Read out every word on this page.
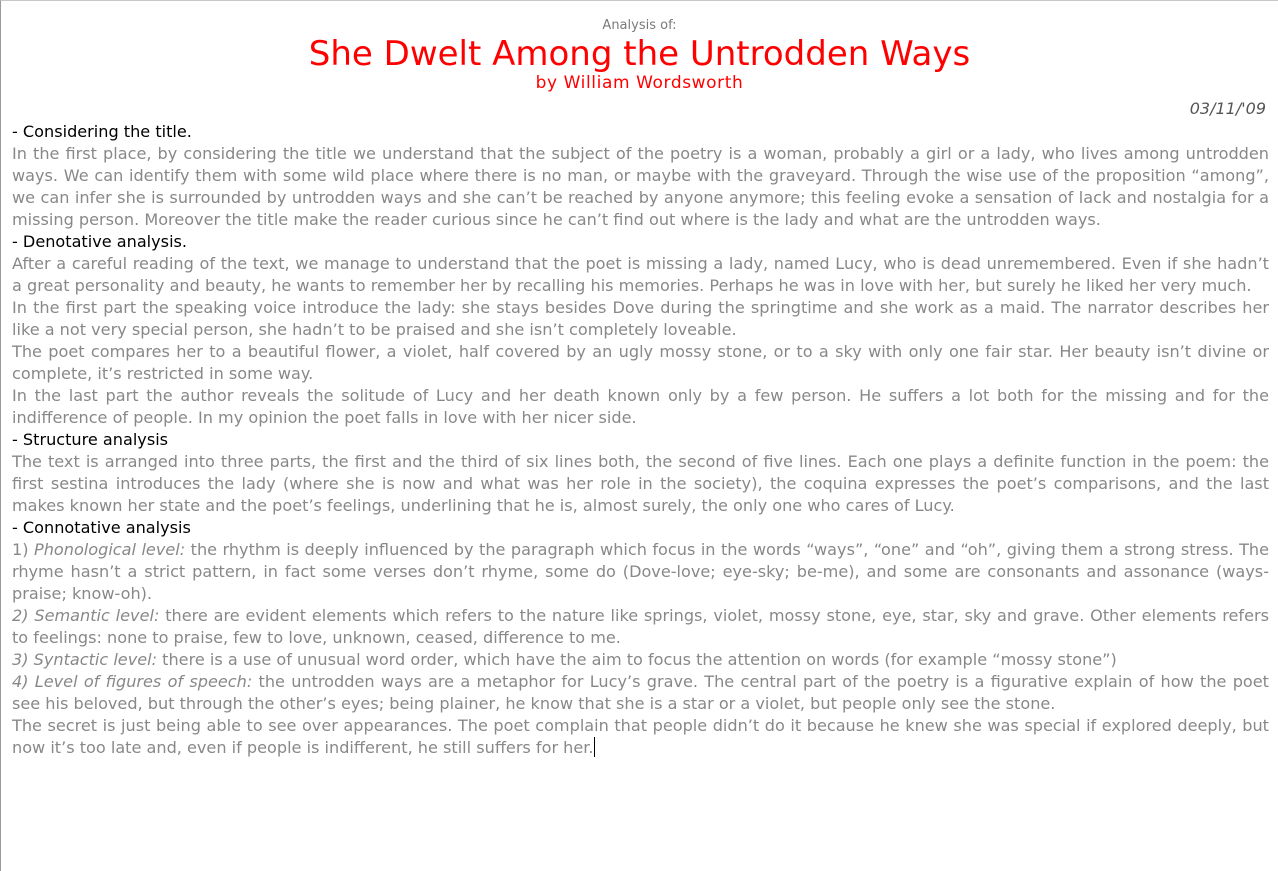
Analysis of:
She Dwelt Among the Untrodden Ways
by William Wordsworth
03/11/'09
- Considering the title.

In the first place, by considering the title we understand that the subject of the poetry is a woman, probably a girl or a lady, who lives among untrodden ways. We can identify them with some wild place where there is no man, or maybe with the graveyard. Through the wise use of the proposition “among”, we can infer she is surrounded by untrodden ways and she can’t be reached by anyone anymore; this feeling evoke a sensation of lack and nostalgia for a missing person. Moreover the title make the reader curious since he can’t find out where is the lady and what are the untrodden ways.

- Denotative analysis.

After a careful reading of the text, we manage to understand that the poet is missing a lady, named Lucy, who is dead unremembered. Even if she hadn’t a great personality and beauty, he wants to remember her by recalling his memories. Perhaps he was in love with her, but surely he liked her very much.

In the first part the speaking voice introduce the lady: she stays besides Dove during the springtime and she work as a maid. The narrator describes her like a not very special person, she hadn’t to be praised and she isn’t completely loveable.

The poet compares her to a beautiful flower, a violet, half covered by an ugly mossy stone, or to a sky with only one fair star. Her beauty isn’t divine or complete, it’s restricted in some way.

In the last part the author reveals the solitude of Lucy and her death known only by a few person. He suffers a lot both for the missing and for the indifference of people. In my opinion the poet falls in love with her nicer side.

- Structure analysis

The text is arranged into three parts, the first and the third of six lines both, the second of five lines. Each one plays a definite function in the poem: the first sestina introduces the lady (where she is now and what was her role in the society), the coquina expresses the poet’s comparisons, and the last makes known her state and the poet’s feelings, underlining that he is, almost surely, the only one who cares of Lucy.

- Connotative analysis

1) Phonological level: the rhythm is deeply influenced by the paragraph which focus in the words “ways”, “one” and “oh”, giving them a strong stress. The rhyme hasn’t a strict pattern, in fact some verses don’t rhyme, some do (Dove-love; eye-sky; be-me), and some are consonants and assonance (ways-praise; know-oh).

2) Semantic level: there are evident elements which refers to the nature like springs, violet, mossy stone, eye, star, sky and grave. Other elements refers to feelings: none to praise, few to love, unknown, ceased, difference to me.

3) Syntactic level: there is a use of unusual word order, which have the aim to focus the attention on words (for example “mossy stone”)

4) Level of figures of speech: the untrodden ways are a metaphor for Lucy’s grave. The central part of the poetry is a figurative explain of how the poet see his beloved, but through the other’s eyes; being plainer, he know that she is a star or a violet, but people only see the stone.

The secret is just being able to see over appearances. The poet complain that people didn’t do it because he knew she was special if explored deeply, but now it’s too late and, even if people is indifferent, he still suffers for her.
